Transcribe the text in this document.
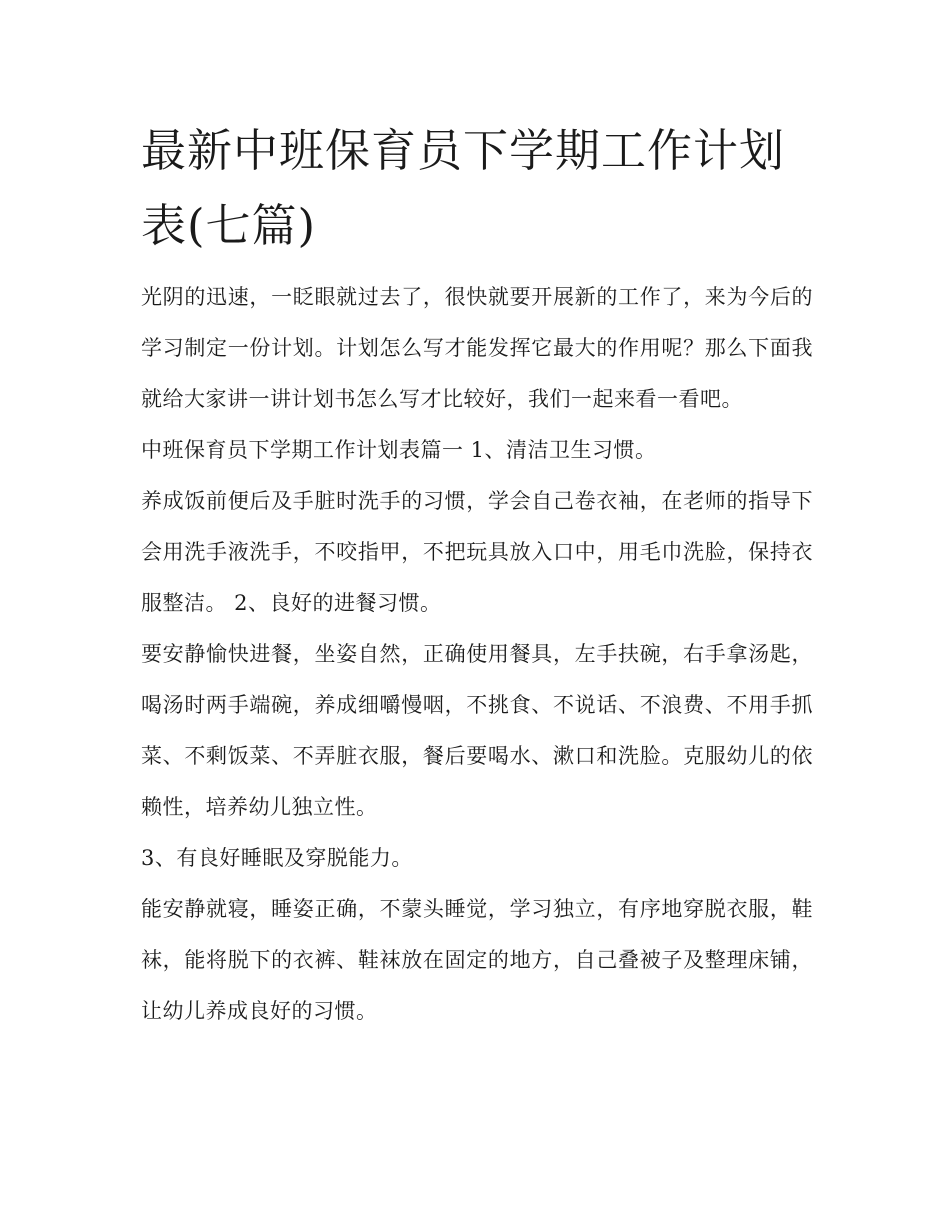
最新中班保育员下学期工作计划表(七篇)

光阴的迅速，一眨眼就过去了，很快就要开展新的工作了，来为今后的学习制定一份计划。计划怎么写才能发挥它最大的作用呢？那么下面我就给大家讲一讲计划书怎么写才比较好，我们一起来看一看吧。

中班保育员下学期工作计划表篇一 1、清洁卫生习惯。

养成饭前便后及手脏时洗手的习惯，学会自己卷衣袖，在老师的指导下会用洗手液洗手，不咬指甲，不把玩具放入口中，用毛巾洗脸，保持衣服整洁。 2、良好的进餐习惯。

要安静愉快进餐，坐姿自然，正确使用餐具，左手扶碗，右手拿汤匙，喝汤时两手端碗，养成细嚼慢咽，不挑食、不说话、不浪费、不用手抓菜、不剩饭菜、不弄脏衣服，餐后要喝水、漱口和洗脸。克服幼儿的依赖性，培养幼儿独立性。

3、有良好睡眠及穿脱能力。

能安静就寝，睡姿正确，不蒙头睡觉，学习独立，有序地穿脱衣服，鞋袜，能将脱下的衣裤、鞋袜放在固定的地方，自己叠被子及整理床铺，让幼儿养成良好的习惯。
